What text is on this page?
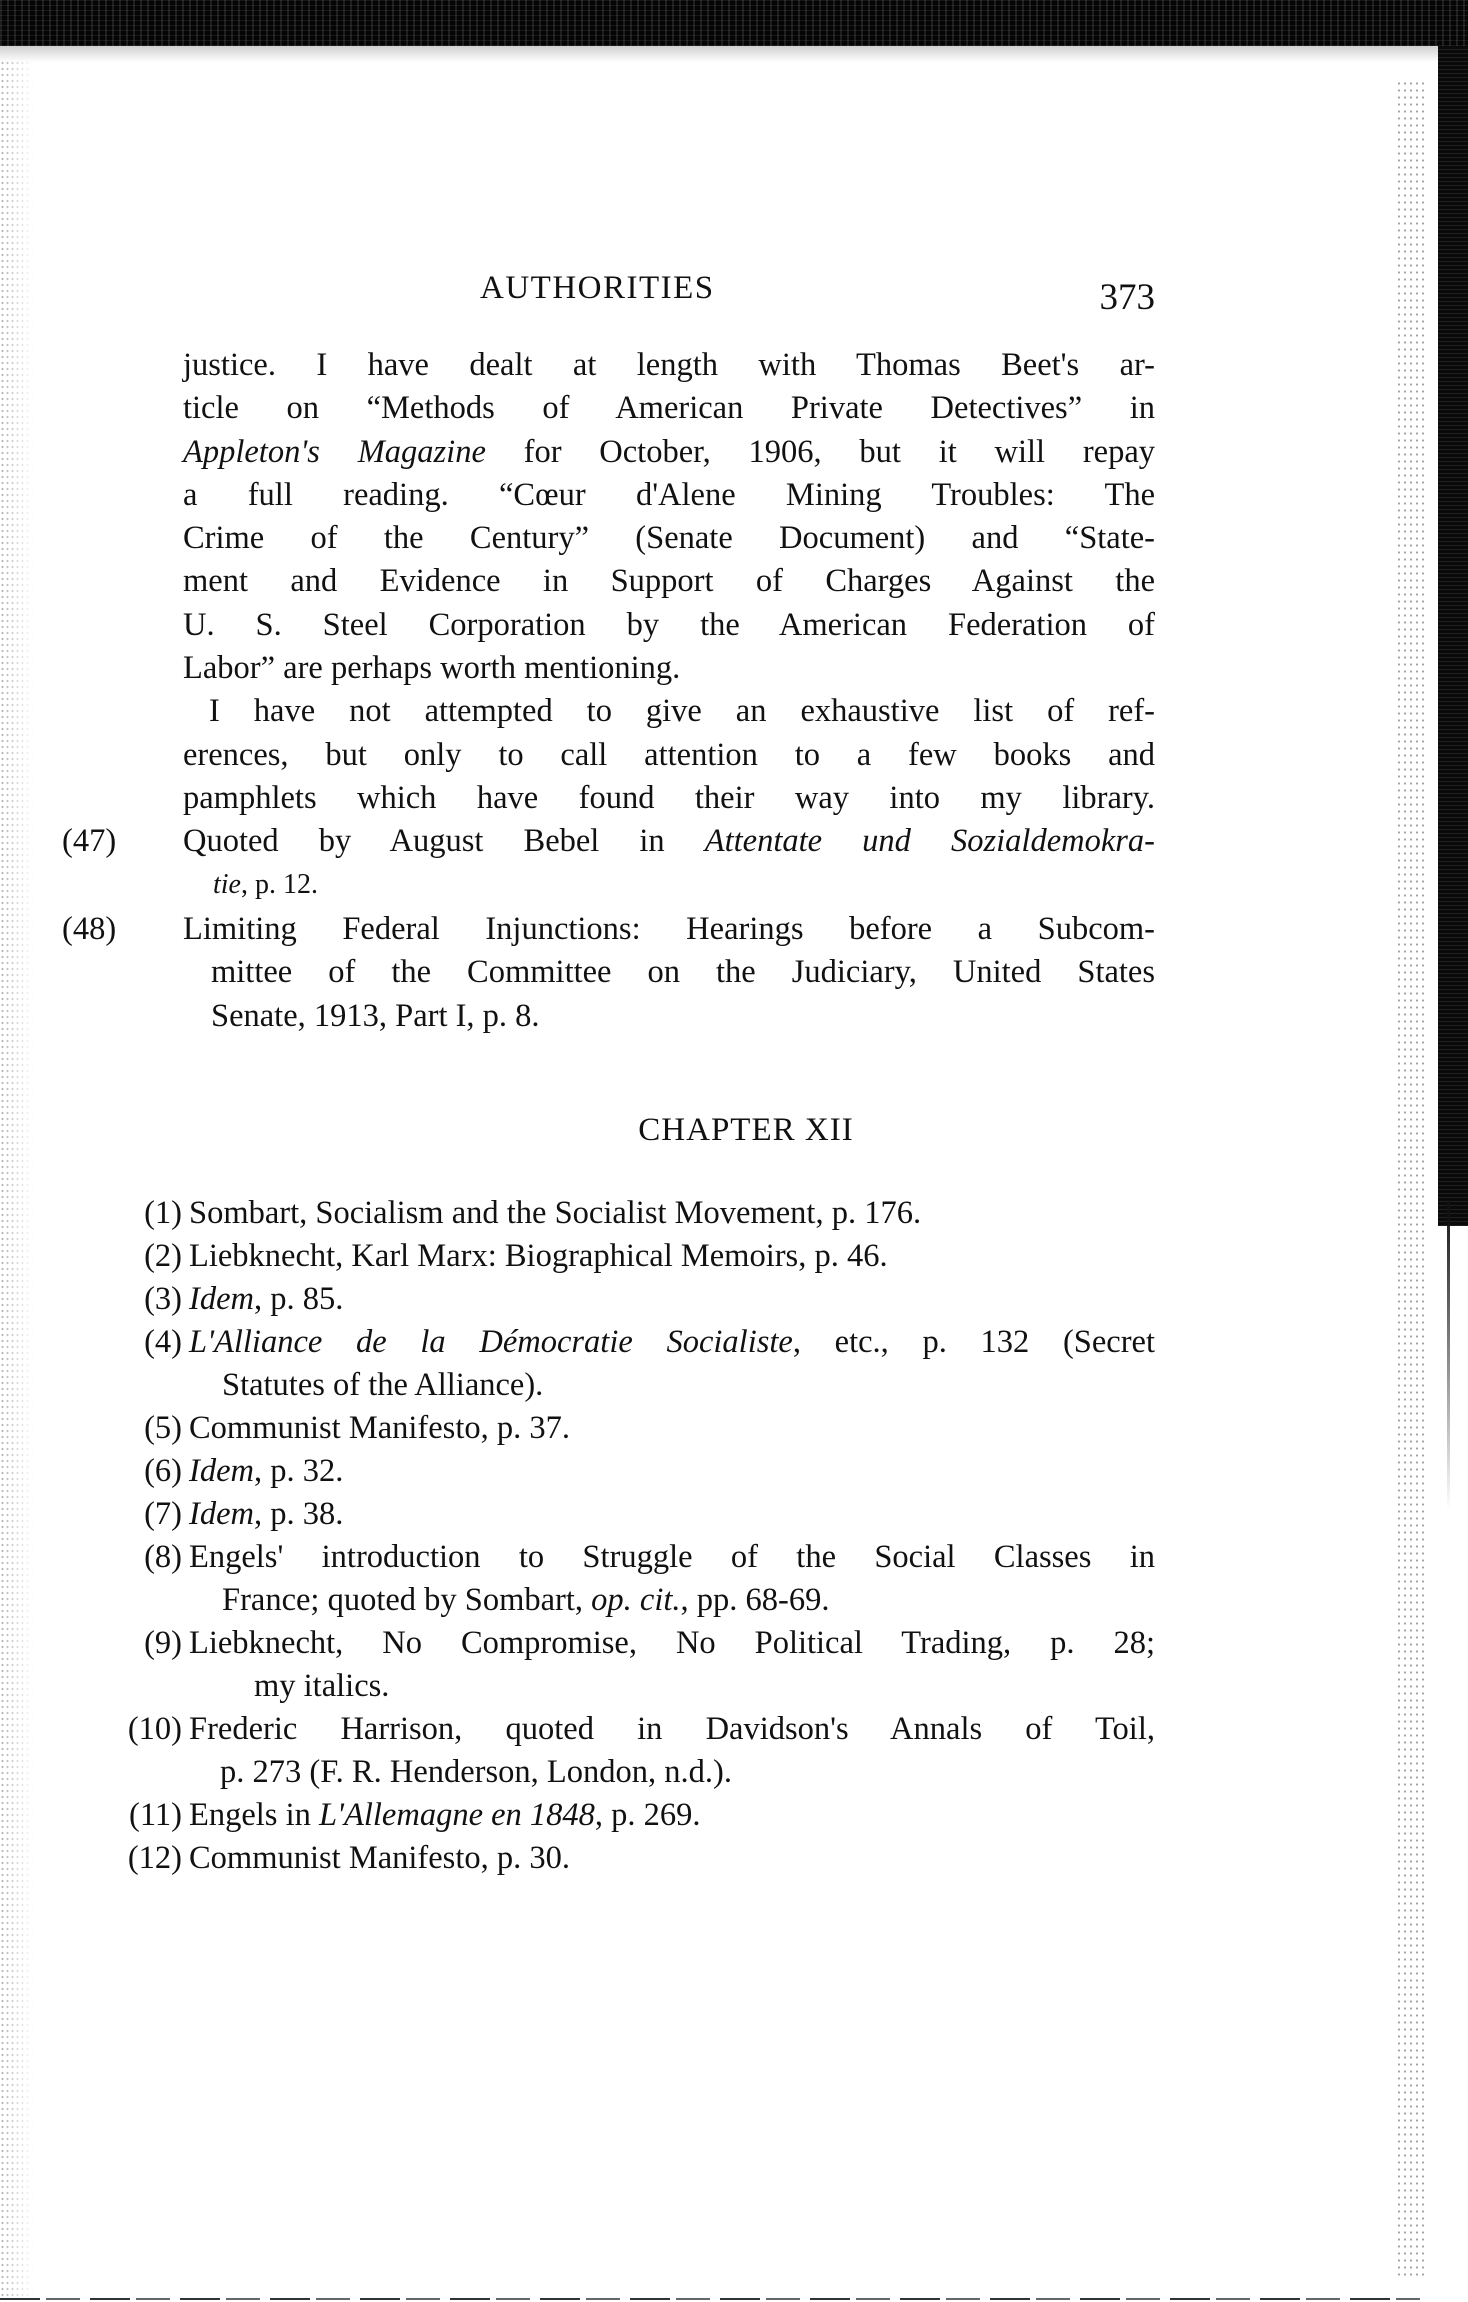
AUTHORITIES	373
justice. I have dealt at length with Thomas Beet's ar-
ticle on “Methods of American Private Detectives” in
Appleton's Magazine for October, 1906, but it will repay
a full reading. “Cœur d'Alene Mining Troubles: The
Crime of the Century” (Senate Document) and “State-
ment and Evidence in Support of Charges Against the
U. S. Steel Corporation by the American Federation of
Labor” are perhaps worth mentioning.
I have not attempted to give an exhaustive list of ref-
erences, but only to call attention to a few books and
pamphlets which have found their way into my library.
(47) Quoted by August Bebel in Attentate und Sozialdemokra-
tie, p. 12.
(48) Limiting Federal Injunctions: Hearings before a Subcom-
mittee of the Committee on the Judiciary, United States
Senate, 1913, Part I, p. 8.
CHAPTER XII
(1) Sombart, Socialism and the Socialist Movement, p. 176.
(2) Liebknecht, Karl Marx: Biographical Memoirs, p. 46.
(3) Idem, p. 85.
(4) L'Alliance de la Démocratie Socialiste, etc., p. 132 (Secret
Statutes of the Alliance).
(5) Communist Manifesto, p. 37.
(6) Idem, p. 32.
(7) Idem, p. 38.
(8) Engels' introduction to Struggle of the Social Classes in
France; quoted by Sombart, op. cit., pp. 68-69.
(9) Liebknecht, No Compromise, No Political Trading, p. 28;
my italics.
(10) Frederic Harrison, quoted in Davidson's Annals of Toil,
p. 273 (F. R. Henderson, London, n.d.).
(11) Engels in L'Allemagne en 1848, p. 269.
(12) Communist Manifesto, p. 30.
